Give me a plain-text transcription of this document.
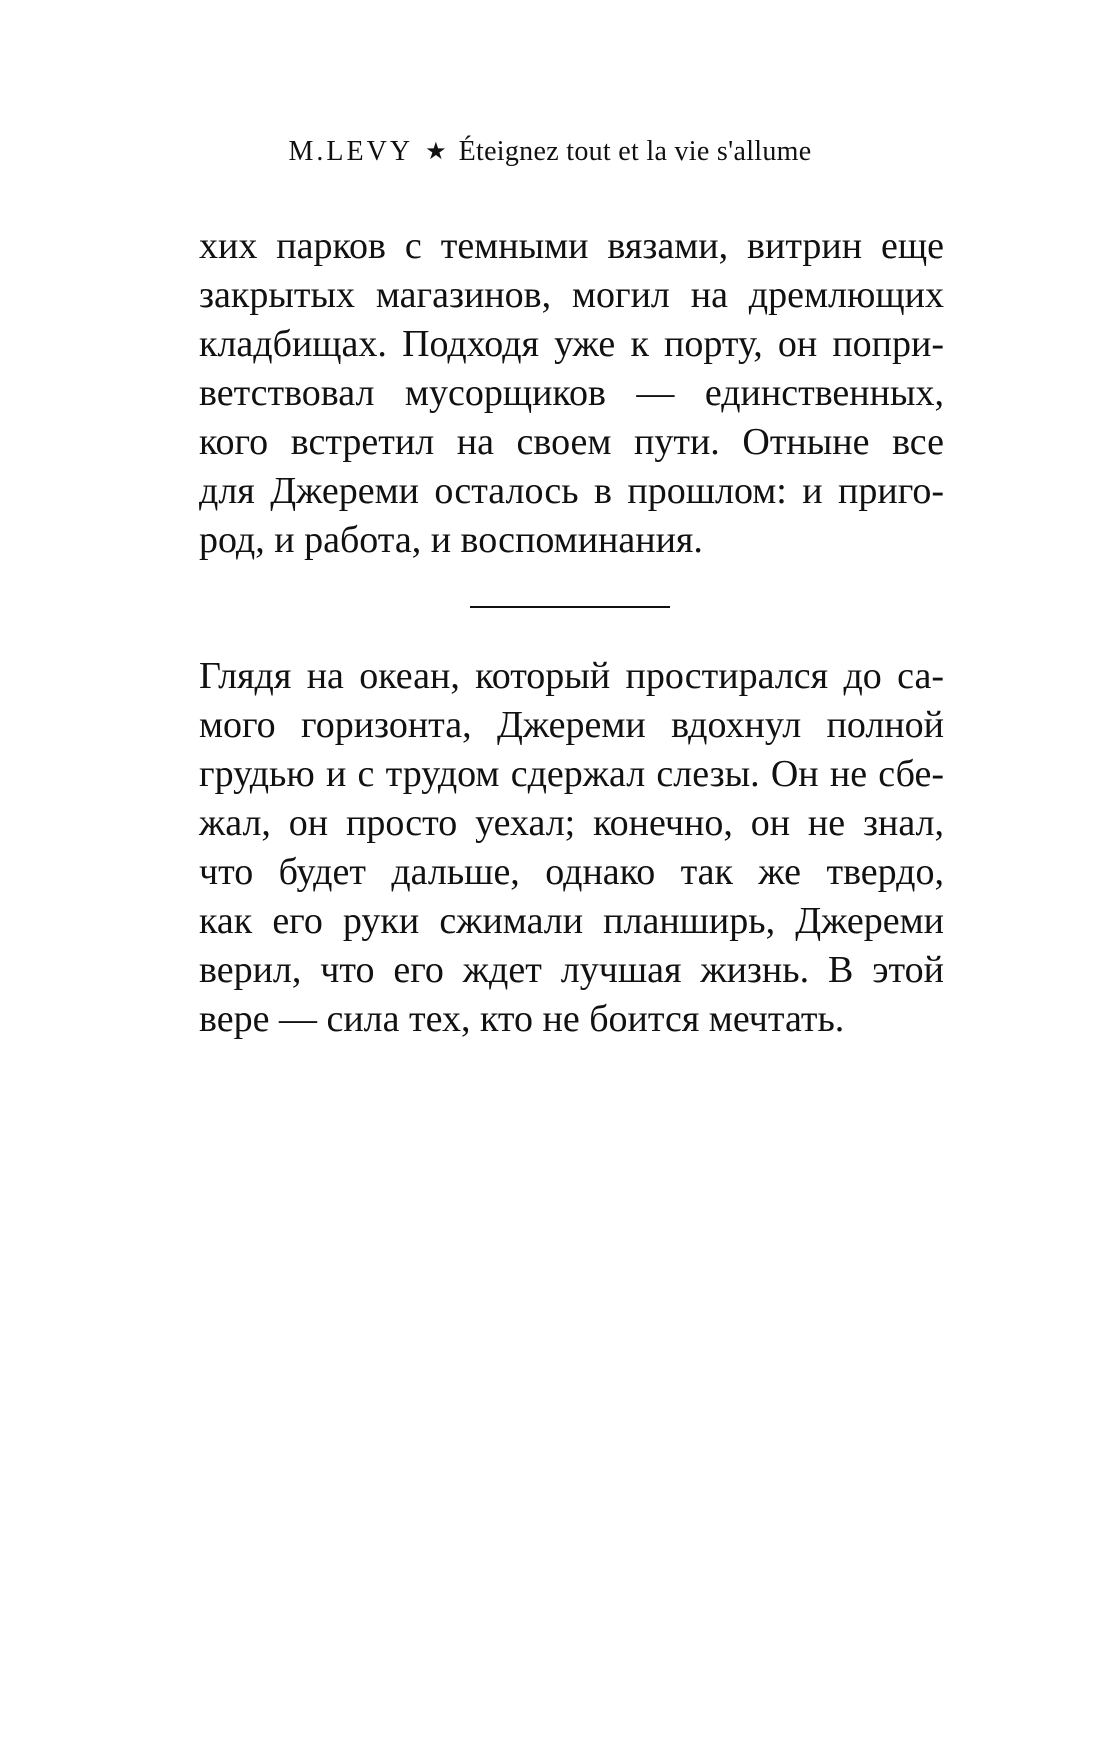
M.LEVY ★ Éteignez tout et la vie s'allume
хих парков с темными вязами, витрин еще
закрытых магазинов, могил на дремлющих
кладбищах. Подходя уже к порту, он попри-
ветствовал мусорщиков — единственных,
кого встретил на своем пути. Отныне все
для Джереми осталось в прошлом: и приго-
род, и работа, и воспоминания.
Глядя на океан, который простирался до са-
мого горизонта, Джереми вдохнул полной
грудью и с трудом сдержал слезы. Он не сбе-
жал, он просто уехал; конечно, он не знал,
что будет дальше, однако так же твердо,
как его руки сжимали планширь, Джереми
верил, что его ждет лучшая жизнь. В этой
вере — сила тех, кто не боится мечтать.
